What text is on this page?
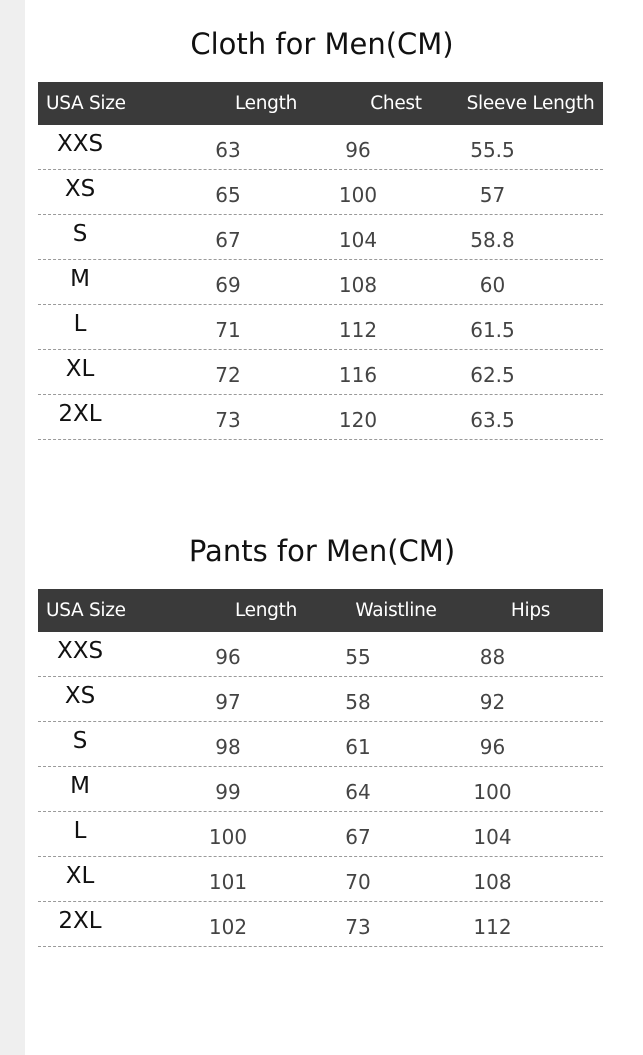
Cloth for Men(CM)
USA Size	Length	Chest	Sleeve Length
XXS	63	96	55.5
XS	65	100	57
S	67	104	58.8
M	69	108	60
L	71	112	61.5
XL	72	116	62.5
2XL	73	120	63.5
Pants for Men(CM)
USA Size	Length	Waistline	Hips
XXS	96	55	88
XS	97	58	92
S	98	61	96
M	99	64	100
L	100	67	104
XL	101	70	108
2XL	102	73	112
